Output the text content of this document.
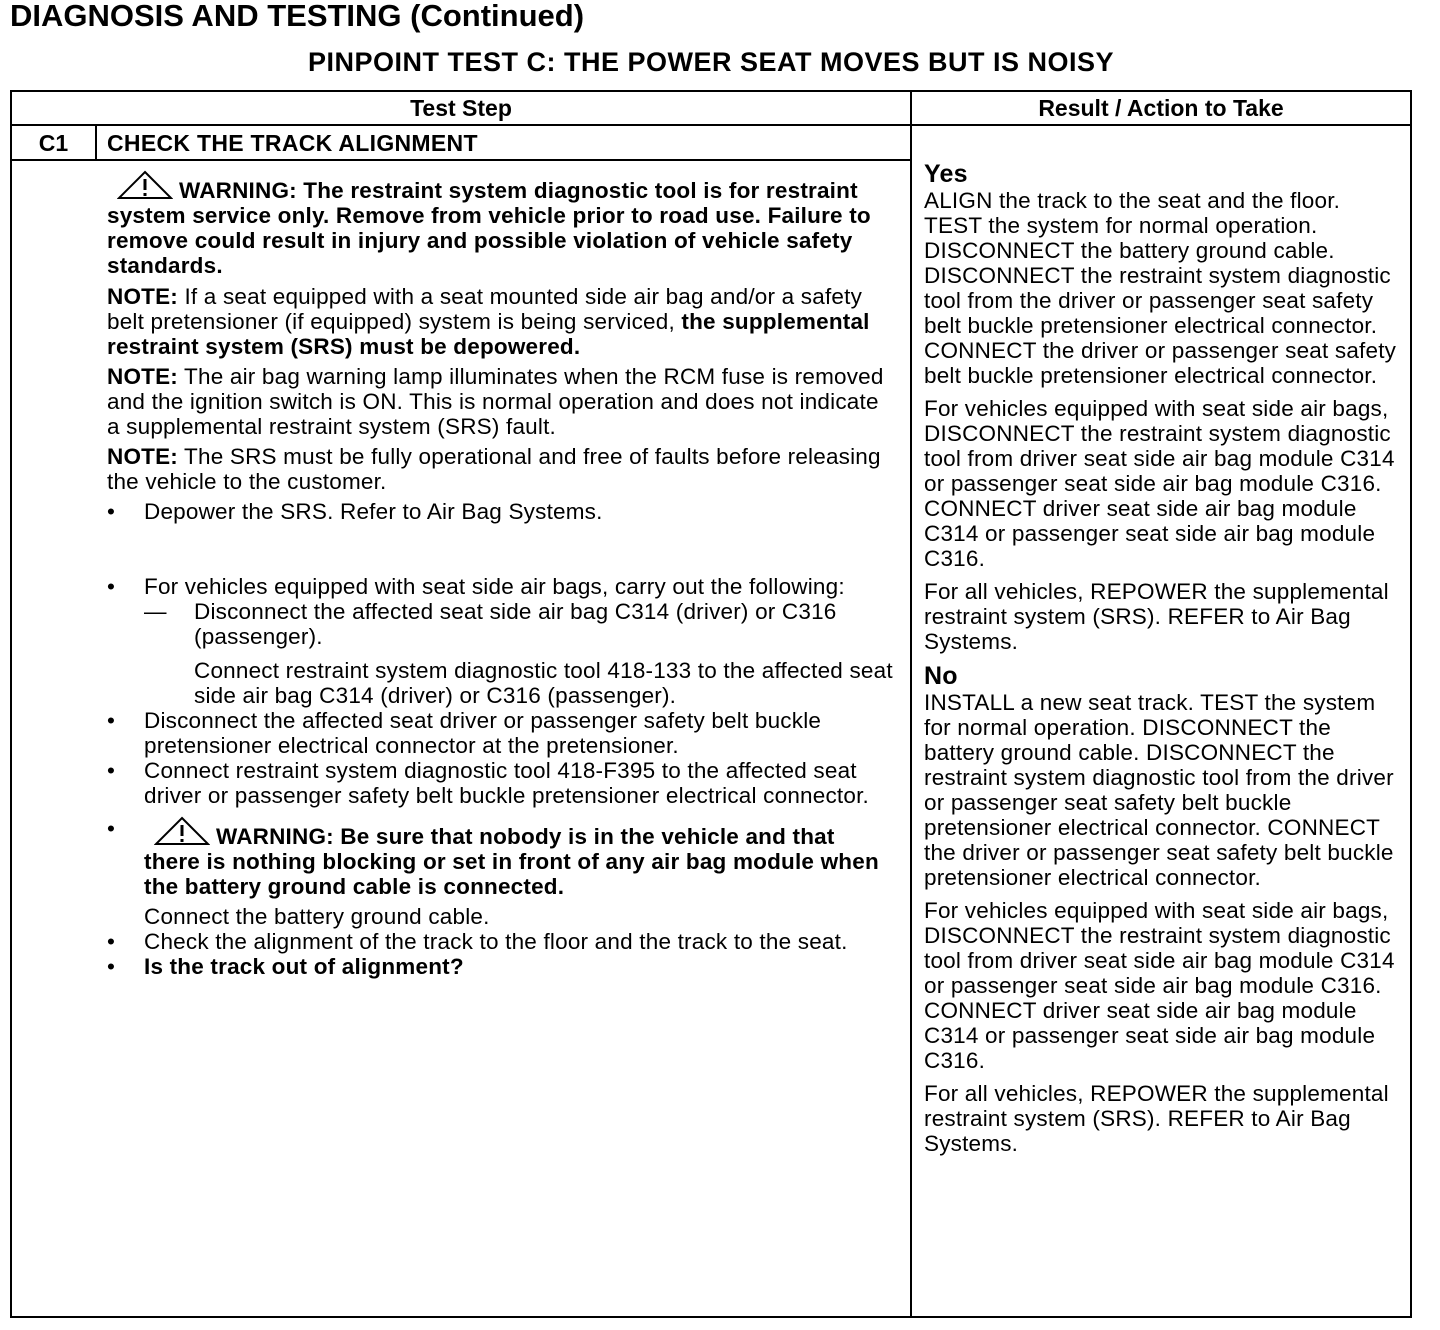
DIAGNOSIS AND TESTING (Continued)
PINPOINT TEST C: THE POWER SEAT MOVES BUT IS NOISY
Test Step	Result / Action to Take
C1	CHECK THE TRACK ALIGNMENT
WARNING: The restraint system diagnostic tool is for restraint system service only. Remove from vehicle prior to road use. Failure to remove could result in injury and possible violation of vehicle safety standards.
NOTE: If a seat equipped with a seat mounted side air bag and/or a safety belt pretensioner (if equipped) system is being serviced, the supplemental restraint system (SRS) must be depowered.
NOTE: The air bag warning lamp illuminates when the RCM fuse is removed and the ignition switch is ON. This is normal operation and does not indicate a supplemental restraint system (SRS) fault.
NOTE: The SRS must be fully operational and free of faults before releasing the vehicle to the customer.
•	Depower the SRS. Refer to Air Bag Systems.
•	For vehicles equipped with seat side air bags, carry out the following:
— Disconnect the affected seat side air bag C314 (driver) or C316 (passenger).
Connect restraint system diagnostic tool 418-133 to the affected seat side air bag C314 (driver) or C316 (passenger).
•	Disconnect the affected seat driver or passenger safety belt buckle pretensioner electrical connector at the pretensioner.
•	Connect restraint system diagnostic tool 418-F395 to the affected seat driver or passenger safety belt buckle pretensioner electrical connector.
•	WARNING: Be sure that nobody is in the vehicle and that there is nothing blocking or set in front of any air bag module when the battery ground cable is connected.
Connect the battery ground cable.
•	Check the alignment of the track to the floor and the track to the seat.
•	Is the track out of alignment?
Yes
ALIGN the track to the seat and the floor. TEST the system for normal operation. DISCONNECT the battery ground cable. DISCONNECT the restraint system diagnostic tool from the driver or passenger seat safety belt buckle pretensioner electrical connector. CONNECT the driver or passenger seat safety belt buckle pretensioner electrical connector.
For vehicles equipped with seat side air bags, DISCONNECT the restraint system diagnostic tool from driver seat side air bag module C314 or passenger seat side air bag module C316. CONNECT driver seat side air bag module C314 or passenger seat side air bag module C316.
For all vehicles, REPOWER the supplemental restraint system (SRS). REFER to Air Bag Systems.
No
INSTALL a new seat track. TEST the system for normal operation. DISCONNECT the battery ground cable. DISCONNECT the restraint system diagnostic tool from the driver or passenger seat safety belt buckle pretensioner electrical connector. CONNECT the driver or passenger seat safety belt buckle pretensioner electrical connector.
For vehicles equipped with seat side air bags, DISCONNECT the restraint system diagnostic tool from driver seat side air bag module C314 or passenger seat side air bag module C316. CONNECT driver seat side air bag module C314 or passenger seat side air bag module C316.
For all vehicles, REPOWER the supplemental restraint system (SRS). REFER to Air Bag Systems.
